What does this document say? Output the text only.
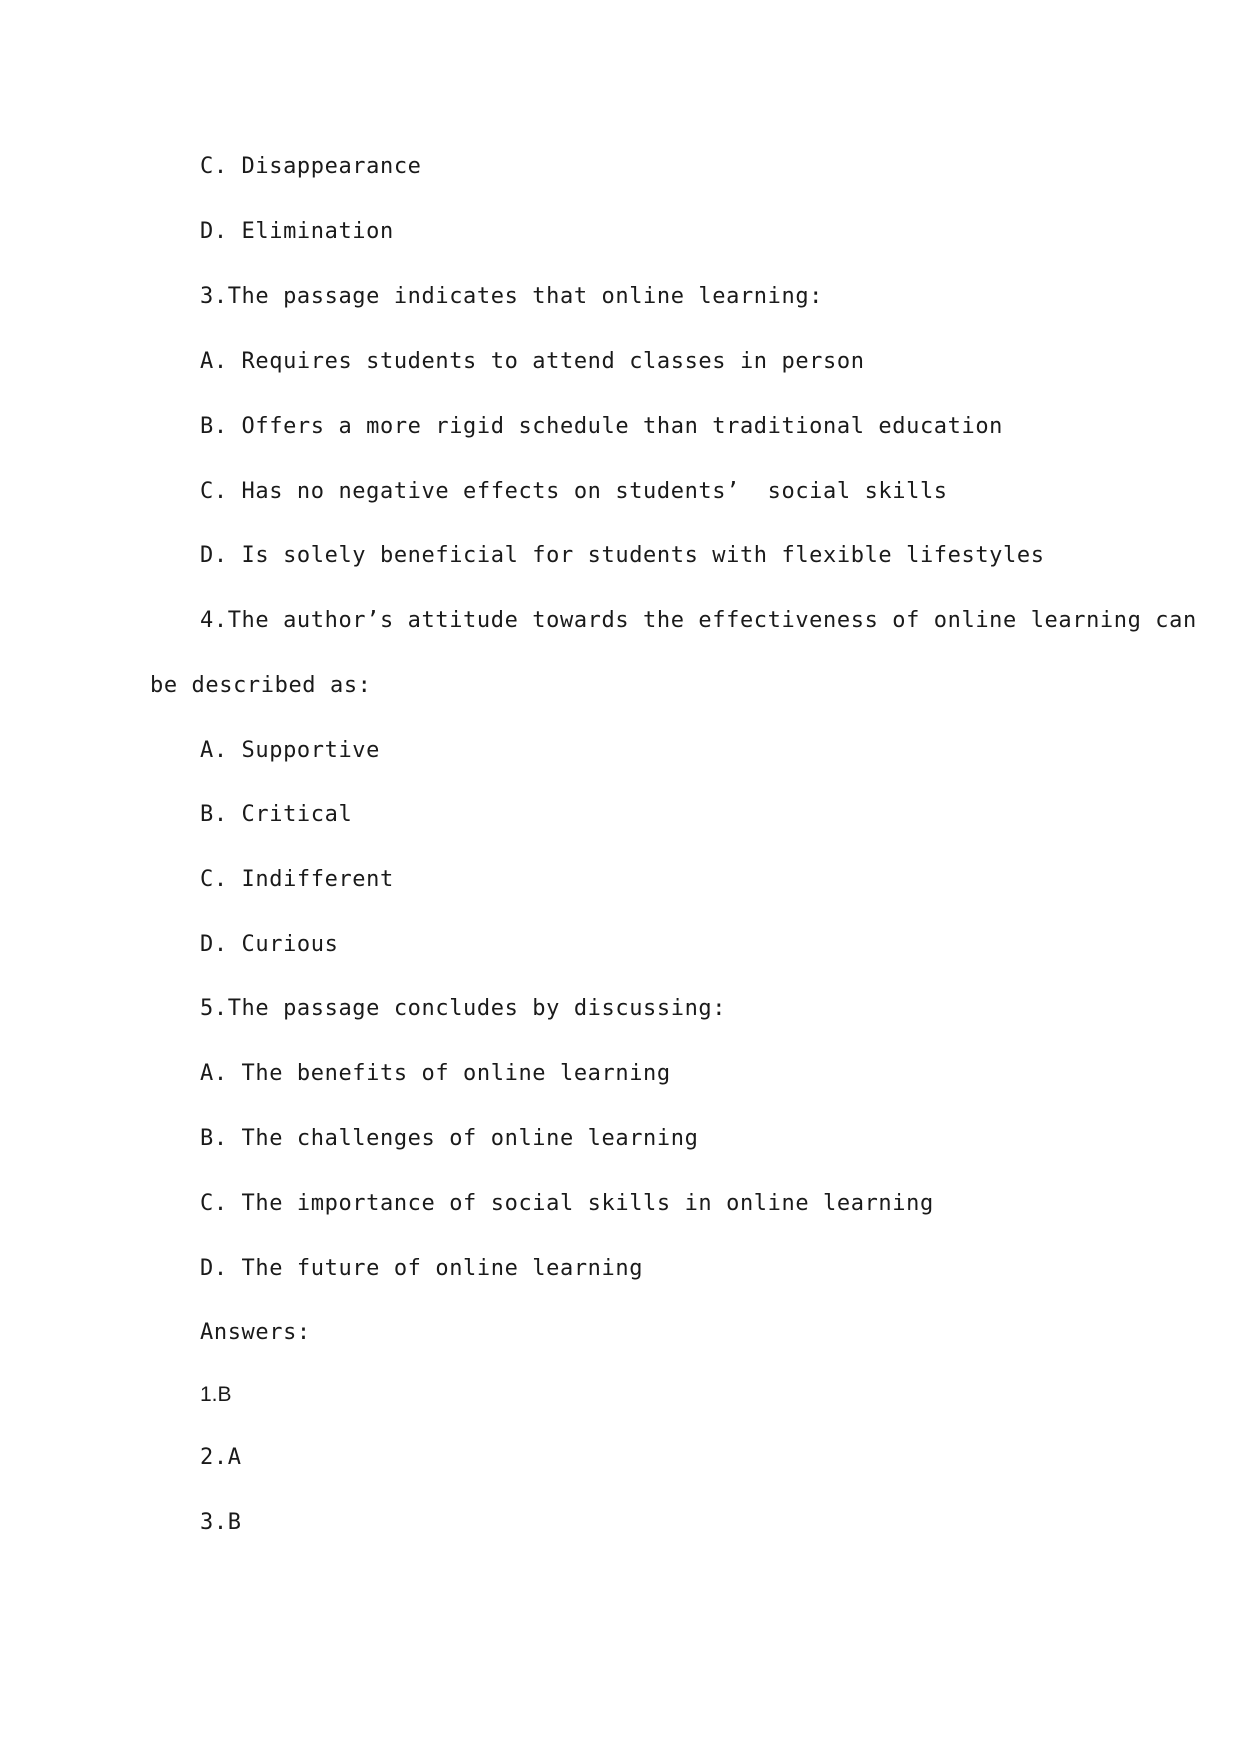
C. Disappearance
D. Elimination
3.The passage indicates that online learning:
A. Requires students to attend classes in person
B. Offers a more rigid schedule than traditional education
C. Has no negative effects on students’  social skills
D. Is solely beneficial for students with flexible lifestyles
4.The author’s attitude towards the effectiveness of online learning can
be described as:
A. Supportive
B. Critical
C. Indifferent
D. Curious
5.The passage concludes by discussing:
A. The benefits of online learning
B. The challenges of online learning
C. The importance of social skills in online learning
D. The future of online learning
Answers:
1.B
2.A
3.B
